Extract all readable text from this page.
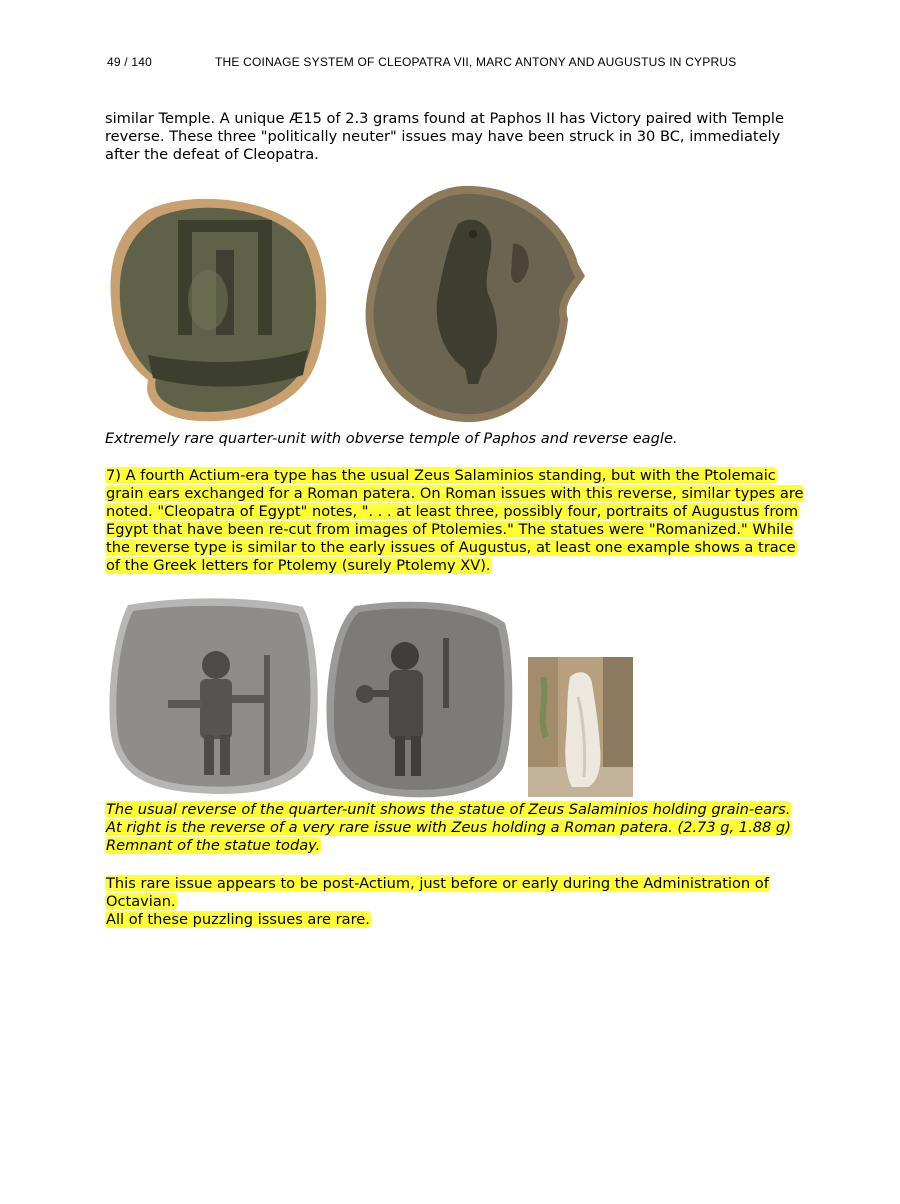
49 / 140	THE COINAGE SYSTEM OF CLEOPATRA VII, MARC ANTONY AND AUGUSTUS IN CYPRUS
similar Temple. A unique Æ15 of 2.3 grams found at Paphos II has Victory paired with Temple reverse. These three "politically neuter" issues may have been struck in 30 BC, immediately after the defeat of Cleopatra.
Extremely rare quarter-unit with obverse temple of Paphos and reverse eagle.
7) A fourth Actium-era type has the usual Zeus Salaminios standing, but with the Ptolemaic grain ears exchanged for a Roman patera. On Roman issues with this reverse, similar types are noted. "Cleopatra of Egypt" notes, ". . . at least three, possibly four, portraits of Augustus from Egypt that have been re-cut from images of Ptolemies." The statues were "Romanized." While the reverse type is similar to the early issues of Augustus, at least one example shows a trace of the Greek letters for Ptolemy (surely Ptolemy XV).
The usual reverse of the quarter-unit shows the statue of Zeus Salaminios holding grain-ears. At right is the reverse of a very rare issue with Zeus holding a Roman patera. (2.73 g, 1.88 g) Remnant of the statue today.
This rare issue appears to be post-Actium, just before or early during the Administration of Octavian.
All of these puzzling issues are rare.
